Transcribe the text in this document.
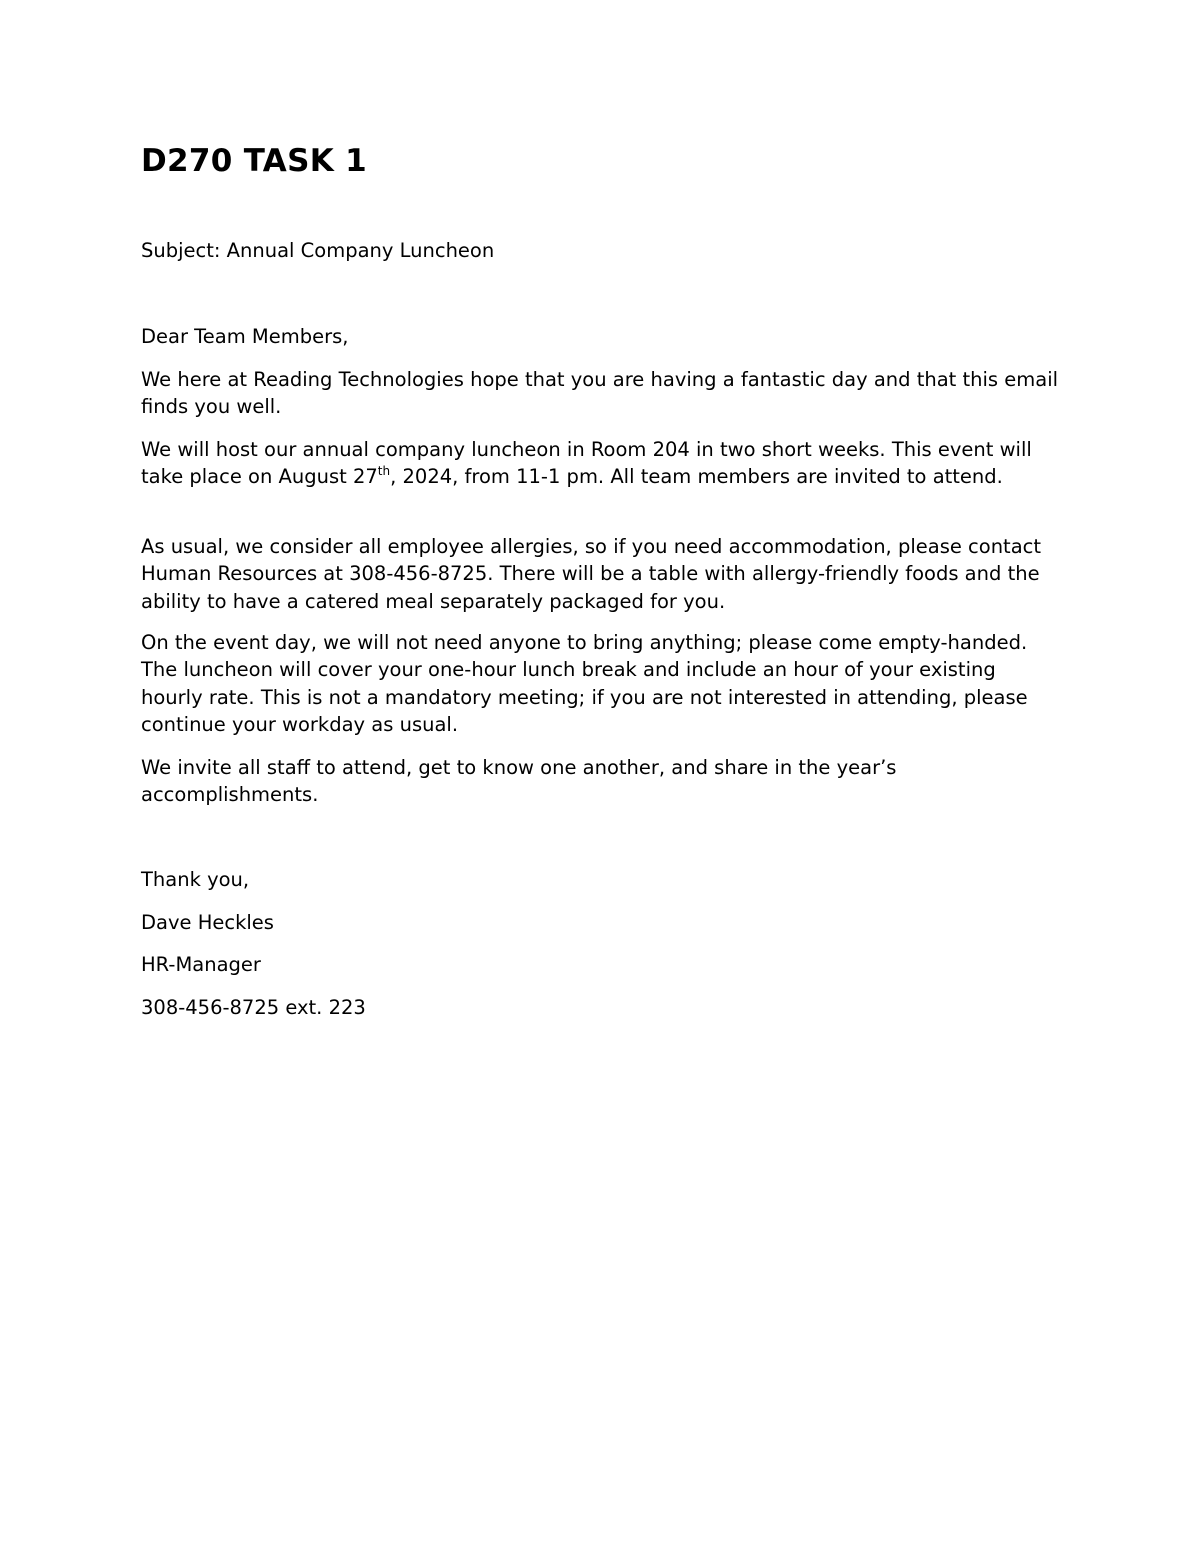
D270 TASK 1

Subject: Annual Company Luncheon

Dear Team Members,

We here at Reading Technologies hope that you are having a fantastic day and that this email finds you well.

We will host our annual company luncheon in Room 204 in two short weeks. This event will take place on August 27th, 2024, from 11-1 pm. All team members are invited to attend.

As usual, we consider all employee allergies, so if you need accommodation, please contact Human Resources at 308-456-8725. There will be a table with allergy-friendly foods and the ability to have a catered meal separately packaged for you.

On the event day, we will not need anyone to bring anything; please come empty-handed. The luncheon will cover your one-hour lunch break and include an hour of your existing hourly rate. This is not a mandatory meeting; if you are not interested in attending, please continue your workday as usual.

We invite all staff to attend, get to know one another, and share in the year’s accomplishments.

Thank you,

Dave Heckles

HR-Manager

308-456-8725 ext. 223
